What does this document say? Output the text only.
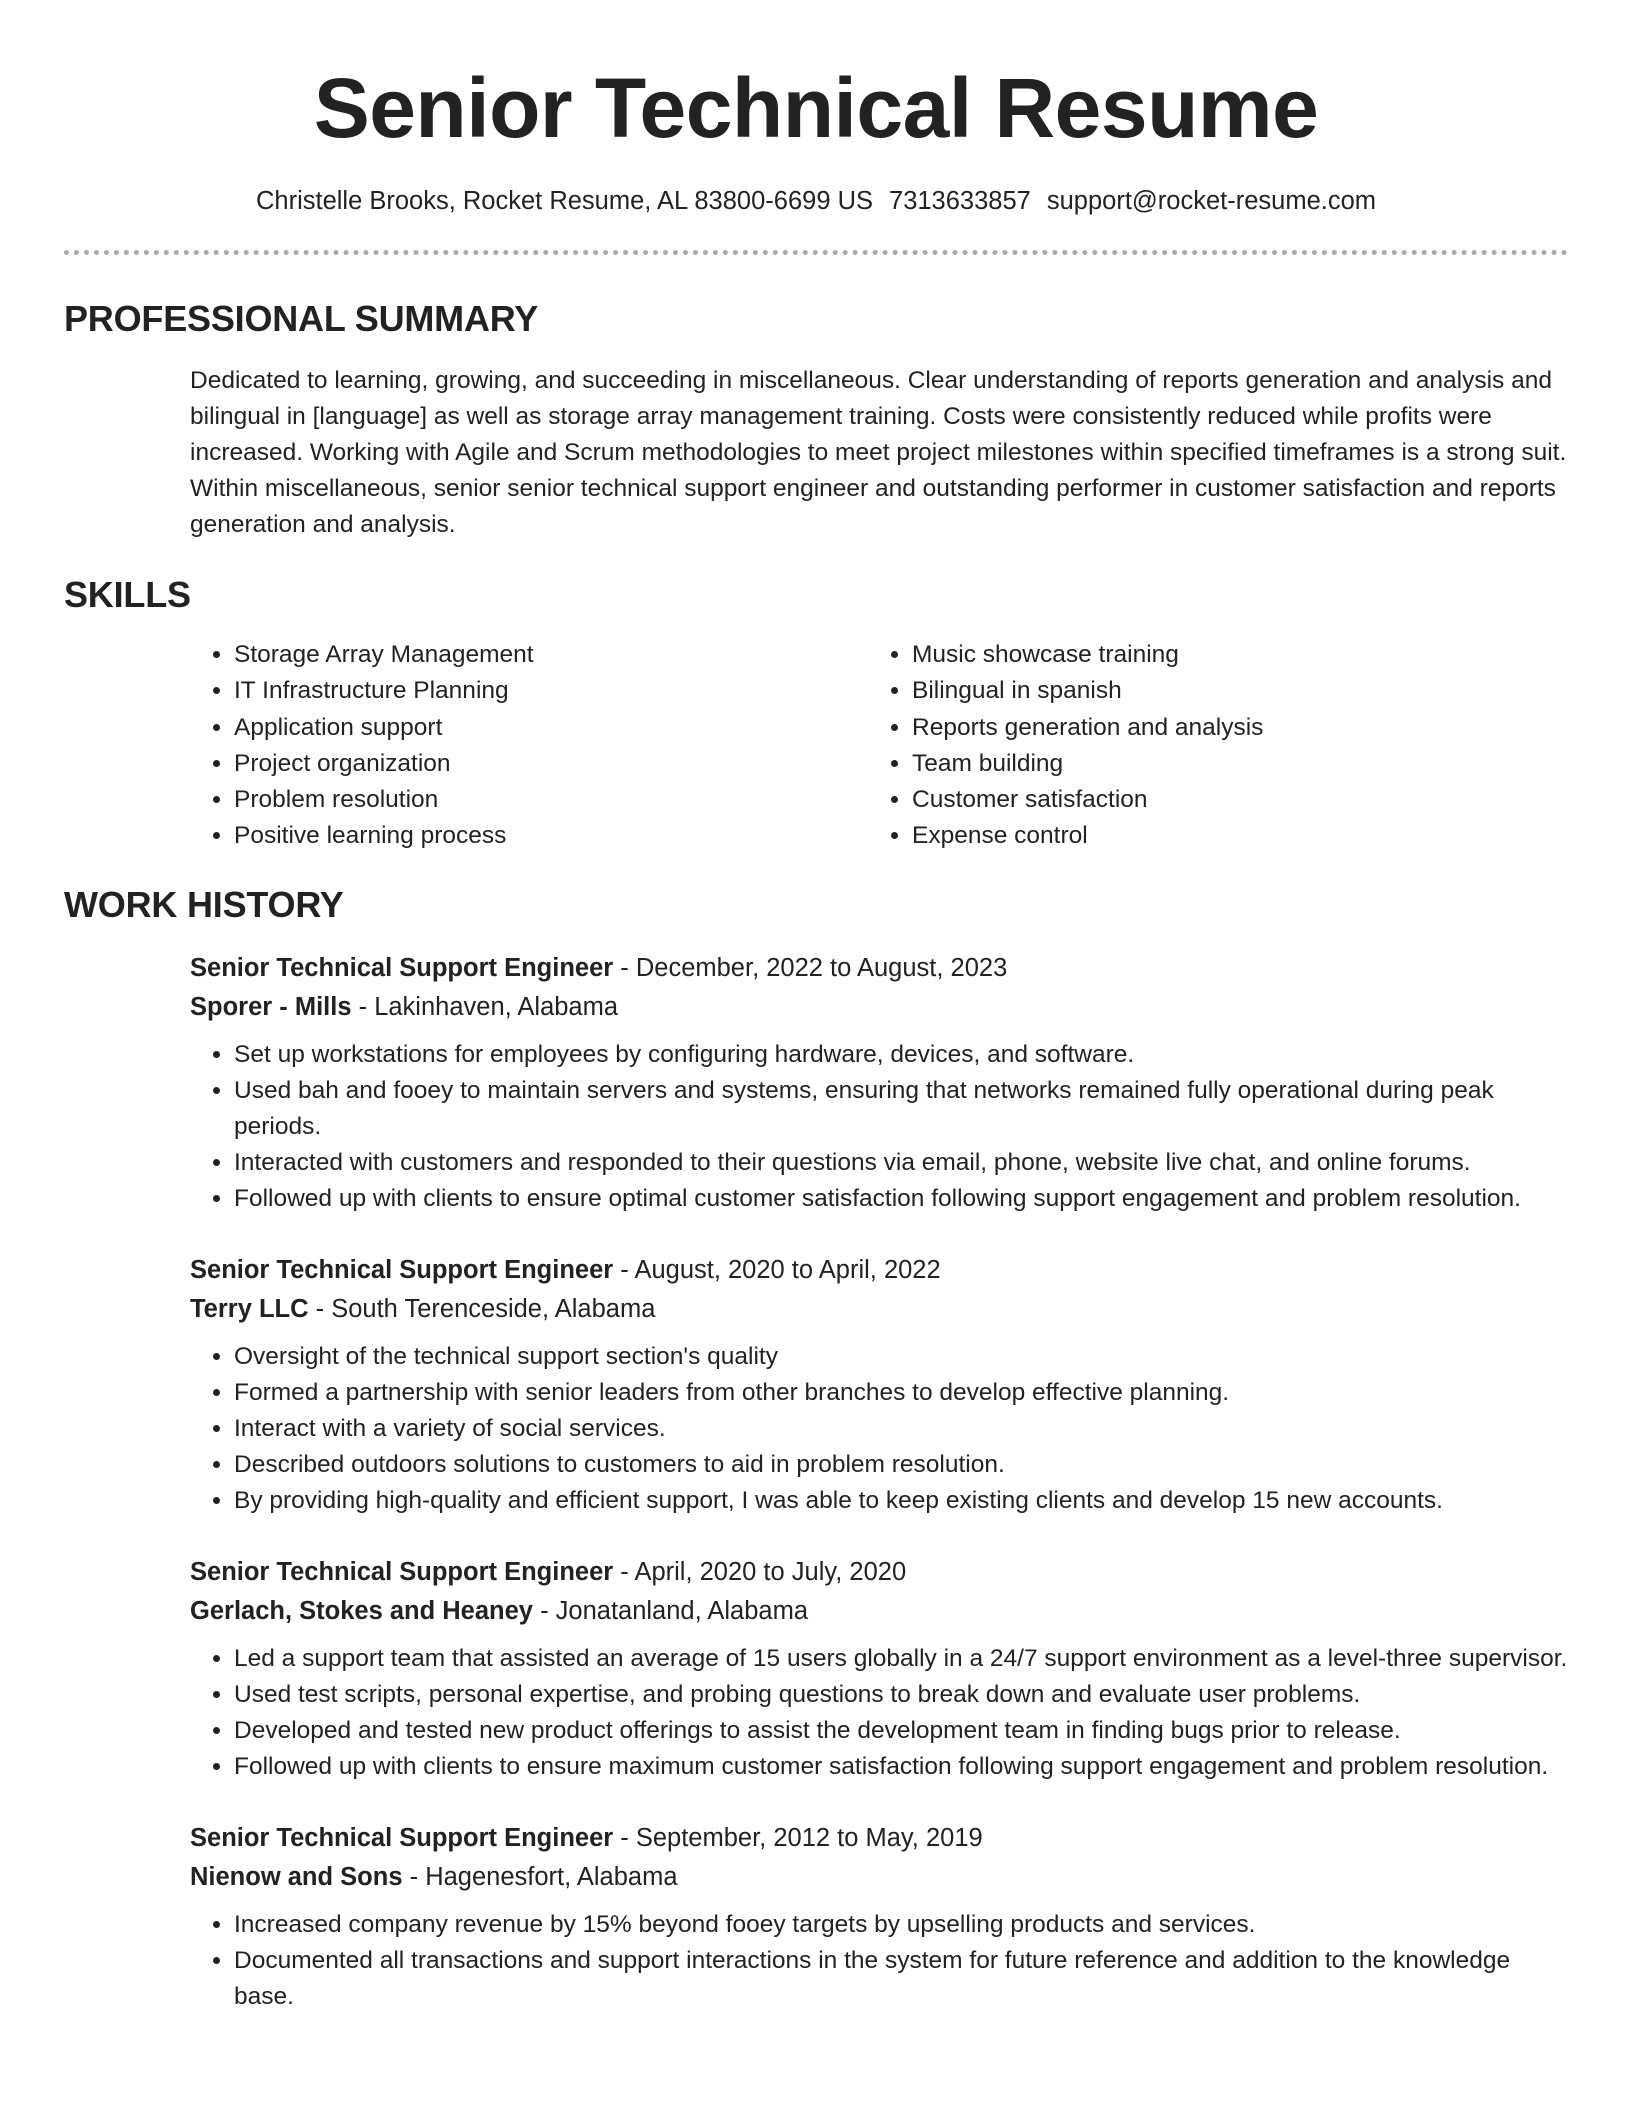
Senior Technical Resume
Christelle Brooks, Rocket Resume, AL 83800-6699 US 7313633857 support@rocket-resume.com
PROFESSIONAL SUMMARY
Dedicated to learning, growing, and succeeding in miscellaneous. Clear understanding of reports generation and analysis and bilingual in [language] as well as storage array management training. Costs were consistently reduced while profits were increased. Working with Agile and Scrum methodologies to meet project milestones within specified timeframes is a strong suit. Within miscellaneous, senior senior technical support engineer and outstanding performer in customer satisfaction and reports generation and analysis.
SKILLS
• Storage Array Management
• IT Infrastructure Planning
• Application support
• Project organization
• Problem resolution
• Positive learning process
• Music showcase training
• Bilingual in spanish
• Reports generation and analysis
• Team building
• Customer satisfaction
• Expense control
WORK HISTORY
Senior Technical Support Engineer - December, 2022 to August, 2023
Sporer - Mills - Lakinhaven, Alabama
• Set up workstations for employees by configuring hardware, devices, and software.
• Used bah and fooey to maintain servers and systems, ensuring that networks remained fully operational during peak periods.
• Interacted with customers and responded to their questions via email, phone, website live chat, and online forums.
• Followed up with clients to ensure optimal customer satisfaction following support engagement and problem resolution.
Senior Technical Support Engineer - August, 2020 to April, 2022
Terry LLC - South Terenceside, Alabama
• Oversight of the technical support section's quality
• Formed a partnership with senior leaders from other branches to develop effective planning.
• Interact with a variety of social services.
• Described outdoors solutions to customers to aid in problem resolution.
• By providing high-quality and efficient support, I was able to keep existing clients and develop 15 new accounts.
Senior Technical Support Engineer - April, 2020 to July, 2020
Gerlach, Stokes and Heaney - Jonatanland, Alabama
• Led a support team that assisted an average of 15 users globally in a 24/7 support environment as a level-three supervisor.
• Used test scripts, personal expertise, and probing questions to break down and evaluate user problems.
• Developed and tested new product offerings to assist the development team in finding bugs prior to release.
• Followed up with clients to ensure maximum customer satisfaction following support engagement and problem resolution.
Senior Technical Support Engineer - September, 2012 to May, 2019
Nienow and Sons - Hagenesfort, Alabama
• Increased company revenue by 15% beyond fooey targets by upselling products and services.
• Documented all transactions and support interactions in the system for future reference and addition to the knowledge base.
